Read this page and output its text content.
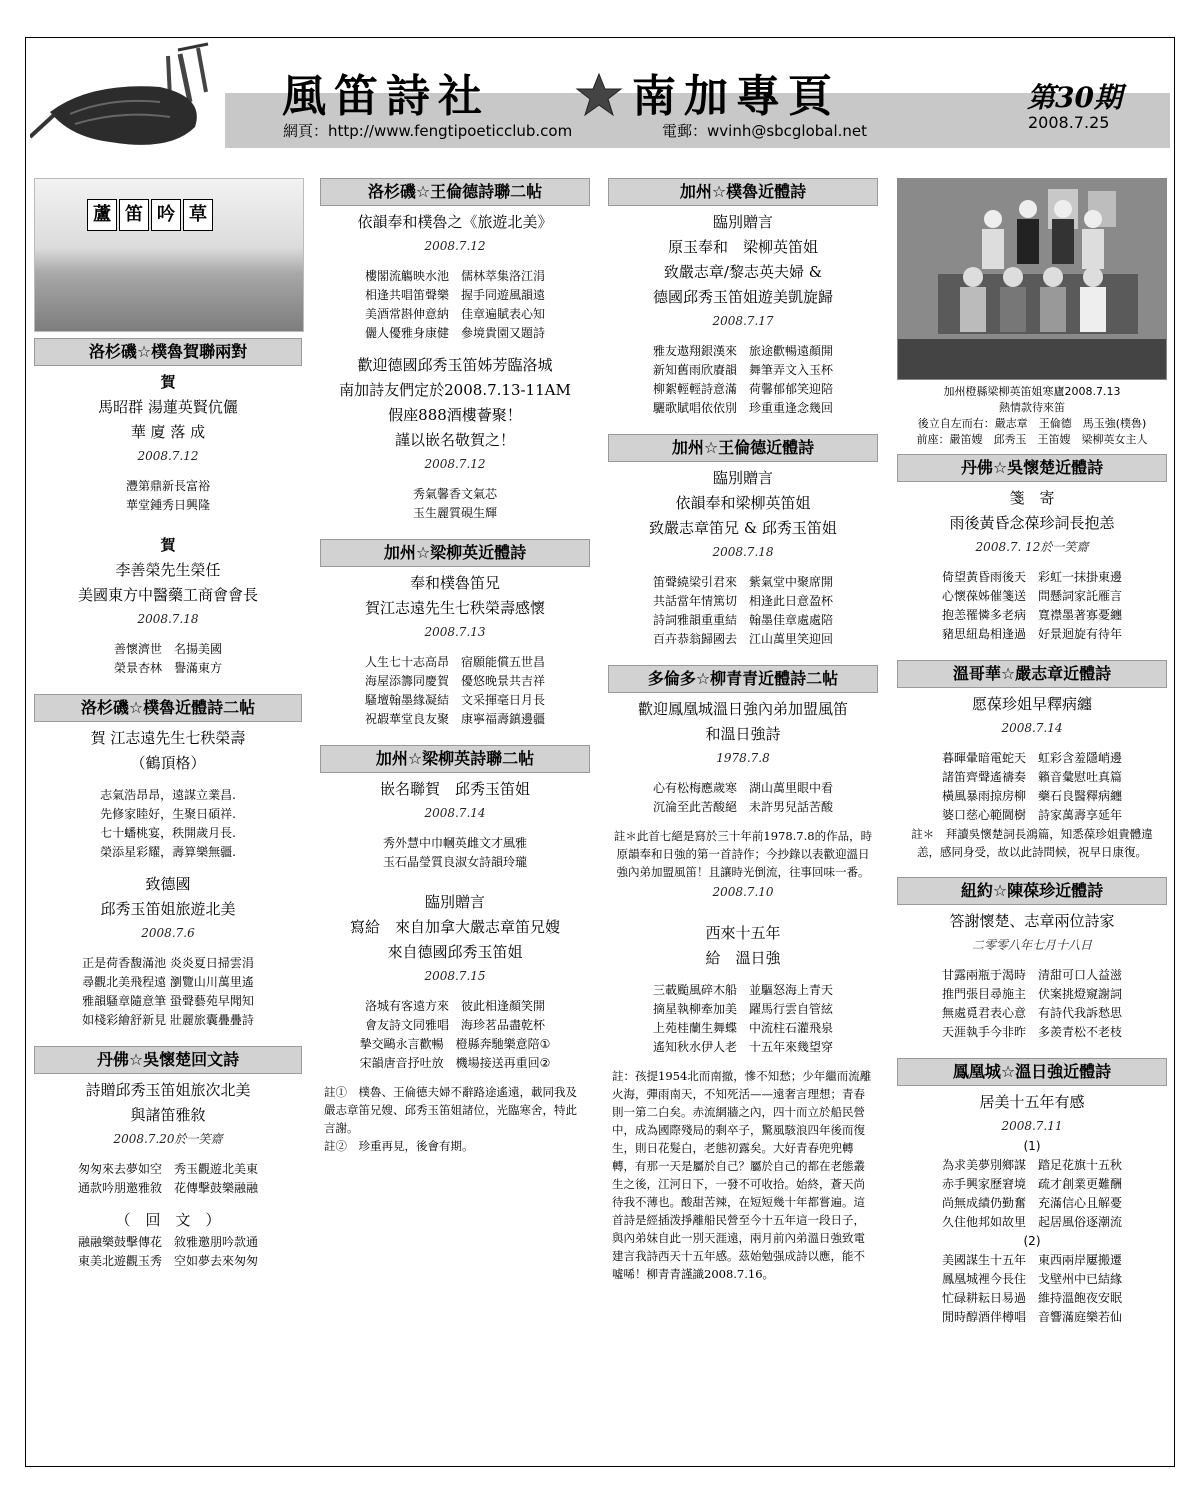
風笛詩社	南加專頁	第30期
2008.7.25
網頁：http://www.fengtipoeticclub.com	電郵：wvinh@sbcglobal.net
蘆 笛 吟 草
洛杉磯☆樸魯賀聯兩對
賀
馬昭群 湯蓮英賢伉儷
華 廈 落 成
2008.7.12
灃第鼎新長富裕
華堂鍾秀日興隆
賀
李善榮先生榮任
美國東方中醫藥工商會會長
2008.7.18
善懷濟世　名揚美國
榮景杏林　譽滿東方
洛杉磯☆樸魯近體詩二帖
賀 江志遠先生七秩榮壽
（鶴頂格）
志氣浩昂昂，遠謀立業昌.
先修家睦好，生聚日碩祥.
七十蟠桃宴，秩開歲月長.
榮添星彩耀，壽算樂無疆.
致德國
邱秀玉笛姐旅遊北美
2008.7.6
正是荷香馥滿池 炎炎夏日掃雲涓
尋觀北美飛程遠 瀏覽山川萬里遙
雅韻騷章隨意筆 蛩聲藝苑早聞知
如棧彩繪舒新見 壯麗旅囊疊疊詩
丹佛☆吳懷楚回文詩
詩贈邱秀玉笛姐旅次北美
與諸笛雅敘
2008.7.20於一笑齋
匆匆來去夢如空　秀玉觀遊北美東
通款吟朋邀雅敘　花傳擊鼓樂融融
（　回　文　）
融融樂鼓擊傳花　敘雅邀朋吟款通
東美北遊觀玉秀　空如夢去來匆匆
洛杉磯☆王倫德詩聯二帖
依韻奉和樸魯之《旅遊北美》
2008.7.12
樓閣流觴映水池　儒林萃集洛江涓
相逢共唱笛聲樂　握手同遊風韻遠
美酒常斟伸意納　佳章遍賦表心知
儷人優雅身康健　參境貴園又題詩
歡迎德國邱秀玉笛姊芳臨洛城
南加詩友們定於2008.7.13-11AM
假座888酒樓薈聚！
謹以嵌名敬賀之！
2008.7.12
秀氣馨香文氣芯
玉生麗質硯生輝
加州☆梁柳英近體詩
奉和樸魯笛兄
賀江志遠先生七秩榮壽感懷
2008.7.13
人生七十志高昂　宿願能償五世昌
海屋添籌同慶賀　優悠晚景共吉祥
騷壇翰墨緣凝結　文采揮毫日月長
祝嘏華堂良友聚　康寧福壽鎮邊疆
加州☆梁柳英詩聯二帖
嵌名聯賀　邱秀玉笛姐
2008.7.14
秀外慧中巾幗英雌文才風雅
玉石晶瑩質良淑女詩韻玲瓏
臨別贈言
寫給　來自加拿大嚴志章笛兄嫂
來自德國邱秀玉笛姐
2008.7.15
洛城有客遠方來　彼此相逢顏笑開
會友詩文同雅唱　海珍茗品盡乾杯
摯交鷗永言歡暢　橙縣奔馳樂意陪①
宋韻唐音抒吐放　機場接送再重回②

註①　樸魯、王倫德夫婦不辭路途遙遠，載同我及嚴志章笛兄嫂、邱秀玉笛姐諸位，光臨寒舍，特此言謝。

註②　珍重再見，後會有期。

加州☆樸魯近體詩
臨別贈言
原玉奉和　梁柳英笛姐
致嚴志章/黎志英夫婦 &
德國邱秀玉笛姐遊美凱旋歸
2008.7.17
雅友遨翔銀漢來　旅途歡暢遠顏開
新知舊雨欣賡韻　舞筆弄文入玉杯
柳絮輕輕詩意滿　荷馨郁郁笑迎陪
驪歌賦唱依依別　珍重重逢念幾回
加州☆王倫德近體詩
臨別贈言
依韻奉和梁柳英笛姐
致嚴志章笛兄 & 邱秀玉笛姐
2008.7.18
笛聲繞梁引君來　紫氣堂中聚席開
共話當年情篤切　相逢此日意盈杯
詩詞雅韻重重結　翰墨佳章處處陪
百卉恭翁歸國去　江山萬里笑迎回
多倫多☆柳青青近體詩二帖
歡迎鳳凰城溫日強內弟加盟風笛
和溫日強詩
1978.7.8
心有松梅應歲寒　湖山萬里眼中看
沉淪至此苦酸絕　未許男兒話苦酸
註＊此首七絕是寫於三十年前1978.7.8的作品，時原韻奉和日強的第一首詩作；今抄錄以表歡迎溫日強內弟加盟風笛！且讓時光倒流，往事回味一番。
2008.7.10
西來十五年
給　溫日強
三載颱風碎木船　並驅怒海上青天
摘星執柳牽加美　躍馬行雲自管絃
上苑桂蘭生舞蝶　中流柱石灌飛泉
遙知秋水伊人老　十五年來幾望穿
註：孩提1954北而南撤，慘不知愁；少年繼而流離火海，彈雨南天，不知死活——遠奢言理想；青春則一第二白矣。赤流網牆之內，四十而立於船民營中，成為國際殘局的剩卒子，驚風駭浪四年後而復生，則日花髮白，老態初露矣。大好青春兜兜轉轉，有那一天是屬於自己？屬於自己的都在老態叢生之後，江河日下，一發不可收拾。始終，蒼天尚待我不薄也。酸甜苦辣，在短短幾十年都嘗遍。這首詩是經插泼掙離船民營至今十五年這一段日子，與內弟妹自此一別天涯遠，兩月前內弟溫日強致電建言我詩西天十五年感。茲始勉强成詩以應，能不噓唏！柳青青謹識2008.7.16。
加州橙縣梁柳英笛姐寒廬2008.7.13
熱情款待來笛
後立自左而右：嚴志章　王倫德　馬玉強(樸魯)
前座：嚴笛嫂　邱秀玉　王笛嫂　梁柳英女主人
丹佛☆吳懷楚近體詩
箋　寄
雨後黃昏念葆珍詞長抱恙
2008.7. 12於一笑齋
倚望黃昏雨後天　彩虹一抹掛東邊
心懷葆姊催箋送　問懸詞家託雁言
抱恙罹憐多老病　寬襟墨著寡憂纏
豬思紐島相逢過　好景迴旋有待年
溫哥華☆嚴志章近體詩
愿葆珍姐早釋病纏
2008.7.14
暮暉暈暗電蛇天　虹彩含羞隱峭邊
諸笛齊聲遙禱奏　籟音彙慰吐真篇
橫風暴雨掠房柳　藥石良醫釋病纏
婆口慈心範閫樹　詩家萬壽享延年
註＊　拜讀吳懷楚詞長鴻篇，知悉葆珍姐貴體違恙，感同身受，故以此詩問候，祝早日康復。
紐約☆陳葆珍近體詩
答謝懷楚、志章兩位詩家
二零零八年七月十八日
甘露兩瓶于渴時　清甜可口人益滋
推門張目尋施主　伏案挑燈窺謝詞
無處覓君表心意　有詩代我訴愁思
天涯執手今非昨　多羨青松不老枝
鳳凰城☆溫日強近體詩
居美十五年有感
2008.7.11
(1)
為求美夢別鄉謀　踏足花旗十五秋
赤手興家歷窘境　疏才創業更難酬
尚無成績仍勤奮　充滿信心且解憂
久住他邦如故里　起居風俗逐潮流
(2)
美國謀生十五年　東西兩岸屢搬遷
鳳凰城裡今長住　戈壁州中已結緣
忙碌耕耘日易過　維持溫飽夜安眠
閒時醇酒伴樽唱　音響滿庭樂若仙
